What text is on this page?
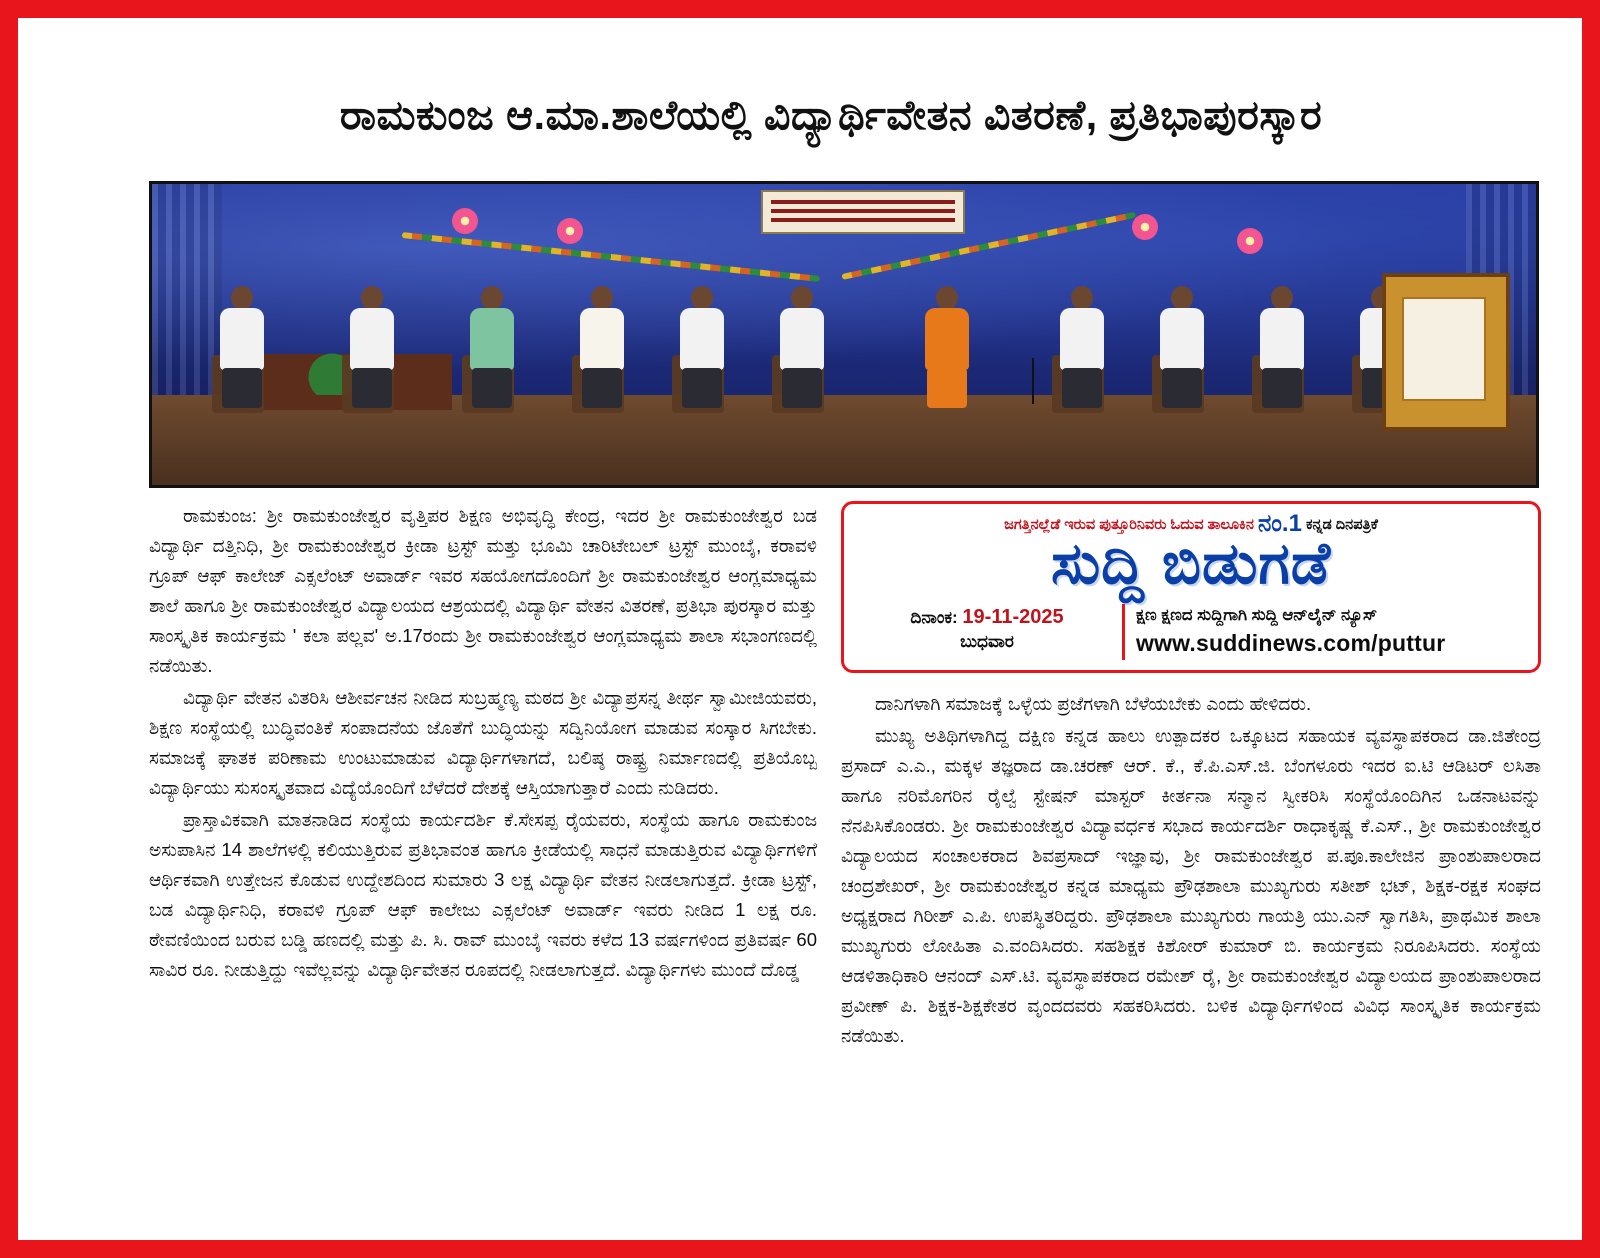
ರಾಮಕುಂಜ ಆ.ಮಾ.ಶಾಲೆಯಲ್ಲಿ ವಿದ್ಯಾರ್ಥಿವೇತನ ವಿತರಣೆ, ಪ್ರತಿಭಾಪುರಸ್ಕಾರ

ರಾಮಕುಂಜ: ಶ್ರೀ ರಾಮಕುಂಜೇಶ್ವರ ವೃತ್ತಿಪರ ಶಿಕ್ಷಣ ಅಭಿವೃದ್ಧಿ ಕೇಂದ್ರ, ಇದರ ಶ್ರೀ ರಾಮಕುಂಜೇಶ್ವರ ಬಡ ವಿದ್ಯಾರ್ಥಿ ದತ್ತಿನಿಧಿ, ಶ್ರೀ ರಾಮಕುಂಜೇಶ್ವರ ಕ್ರೀಡಾ ಟ್ರಸ್ಟ್ ಮತ್ತು ಭೂಮಿ ಚಾರಿಟೇಬಲ್ ಟ್ರಸ್ಟ್ ಮುಂಬೈ, ಕರಾವಳಿ ಗ್ರೂಪ್ ಆಫ್ ಕಾಲೇಜ್ ಎಕ್ಸಲೆಂಟ್ ಅವಾರ್ಡ್ ಇವರ ಸಹಯೋಗದೊಂದಿಗೆ ಶ್ರೀ ರಾಮಕುಂಜೇಶ್ವರ ಆಂಗ್ಲಮಾಧ್ಯಮ ಶಾಲೆ ಹಾಗೂ ಶ್ರೀ ರಾಮಕುಂಜೇಶ್ವರ ವಿದ್ಯಾಲಯದ ಆಶ್ರಯದಲ್ಲಿ ವಿದ್ಯಾರ್ಥಿ ವೇತನ ವಿತರಣೆ, ಪ್ರತಿಭಾ ಪುರಸ್ಕಾರ ಮತ್ತು ಸಾಂಸ್ಕೃತಿಕ ಕಾರ್ಯಕ್ರಮ ' ಕಲಾ ಪಲ್ಲವ' ಅ.17ರಂದು ಶ್ರೀ ರಾಮಕುಂಜೇಶ್ವರ ಆಂಗ್ಲಮಾಧ್ಯಮ ಶಾಲಾ ಸಭಾಂಗಣದಲ್ಲಿ ನಡೆಯಿತು.

ವಿದ್ಯಾರ್ಥಿ ವೇತನ ವಿತರಿಸಿ ಆಶೀರ್ವಚನ ನೀಡಿದ ಸುಬ್ರಹ್ಮಣ್ಯ ಮಠದ ಶ್ರೀ ವಿದ್ಯಾಪ್ರಸನ್ನ ತೀರ್ಥ ಸ್ವಾಮೀಜಿಯವರು, ಶಿಕ್ಷಣ ಸಂಸ್ಥೆಯಲ್ಲಿ ಬುದ್ಧಿವಂತಿಕೆ ಸಂಪಾದನೆಯ ಜೊತೆಗೆ ಬುದ್ಧಿಯನ್ನು ಸದ್ವಿನಿಯೋಗ ಮಾಡುವ ಸಂಸ್ಕಾರ ಸಿಗಬೇಕು. ಸಮಾಜಕ್ಕೆ ಘಾತಕ ಪರಿಣಾಮ ಉಂಟುಮಾಡುವ ವಿದ್ಯಾರ್ಥಿಗಳಾಗದೆ, ಬಲಿಷ್ಠ ರಾಷ್ಟ್ರ ನಿರ್ಮಾಣದಲ್ಲಿ ಪ್ರತಿಯೊಬ್ಬ ವಿದ್ಯಾರ್ಥಿಯು ಸುಸಂಸ್ಕೃತವಾದ ವಿದ್ಯೆಯೊಂದಿಗೆ ಬೆಳೆದರೆ ದೇಶಕ್ಕೆ ಆಸ್ತಿಯಾಗುತ್ತಾರೆ ಎಂದು ನುಡಿದರು.

ಪ್ರಾಸ್ತಾವಿಕವಾಗಿ ಮಾತನಾಡಿದ ಸಂಸ್ಥೆಯ ಕಾರ್ಯದರ್ಶಿ ಕೆ.ಸೇಸಪ್ಪ ರೈಯವರು, ಸಂಸ್ಥೆಯ ಹಾಗೂ ರಾಮಕುಂಜ ಅಸುಪಾಸಿನ 14 ಶಾಲೆಗಳಲ್ಲಿ ಕಲಿಯುತ್ತಿರುವ ಪ್ರತಿಭಾವಂತ ಹಾಗೂ ಕ್ರೀಡೆಯಲ್ಲಿ ಸಾಧನೆ ಮಾಡುತ್ತಿರುವ ವಿದ್ಯಾರ್ಥಿಗಳಿಗೆ ಆರ್ಥಿಕವಾಗಿ ಉತ್ತೇಜನ ಕೊಡುವ ಉದ್ದೇಶದಿಂದ ಸುಮಾರು 3 ಲಕ್ಷ ವಿದ್ಯಾರ್ಥಿ ವೇತನ ನೀಡಲಾಗುತ್ತದೆ. ಕ್ರೀಡಾ ಟ್ರಸ್ಟ್, ಬಡ ವಿದ್ಯಾರ್ಥಿನಿಧಿ, ಕರಾವಳಿ ಗ್ರೂಪ್ ಆಫ್ ಕಾಲೇಜು ಎಕ್ಸಲೆಂಟ್ ಅವಾರ್ಡ್ ಇವರು ನೀಡಿದ 1 ಲಕ್ಷ ರೂ. ಠೇವಣಿಯಿಂದ ಬರುವ ಬಡ್ಡಿ ಹಣದಲ್ಲಿ ಮತ್ತು ಪಿ. ಸಿ. ರಾವ್ ಮುಂಬೈ ಇವರು ಕಳೆದ 13 ವರ್ಷಗಳಿಂದ ಪ್ರತಿವರ್ಷ 60 ಸಾವಿರ ರೂ. ನೀಡುತ್ತಿದ್ದು ಇವೆಲ್ಲವನ್ನು ವಿದ್ಯಾರ್ಥಿವೇತನ ರೂಪದಲ್ಲಿ ನೀಡಲಾಗುತ್ತದೆ. ವಿದ್ಯಾರ್ಥಿಗಳು ಮುಂದೆ ದೊಡ್ಡ

ಜಗತ್ತಿನಲ್ಲೆಡೆ ಇರುವ ಪುತ್ತೂರಿನಿವರು ಓದುವ ತಾಲೂಕಿನ ನಂ.1 ಕನ್ನಡ ದಿನಪತ್ರಿಕೆ
ಸುದ್ದಿ ಬಿಡುಗಡೆ
ದಿನಾಂಕ: 19-11-2025
ಬುಧವಾರ
ಕ್ಷಣ ಕ್ಷಣದ ಸುದ್ದಿಗಾಗಿ ಸುದ್ದಿ ಆನ್‌ಲೈನ್ ನ್ಯೂಸ್
www.suddinews.com/puttur

ದಾನಿಗಳಾಗಿ ಸಮಾಜಕ್ಕೆ ಒಳ್ಳೆಯ ಪ್ರಜೆಗಳಾಗಿ ಬೆಳೆಯಬೇಕು ಎಂದು ಹೇಳಿದರು.

ಮುಖ್ಯ ಅತಿಥಿಗಳಾಗಿದ್ದ ದಕ್ಷಿಣ ಕನ್ನಡ ಹಾಲು ಉತ್ಪಾದಕರ ಒಕ್ಕೂಟದ ಸಹಾಯಕ ವ್ಯವಸ್ಥಾಪಕರಾದ ಡಾ.ಜಿತೇಂದ್ರ ಪ್ರಸಾದ್ ಎ.ಎ., ಮಕ್ಕಳ ತಜ್ಞರಾದ ಡಾ.ಚರಣ್ ಆರ್. ಕೆ., ಕೆ.ಪಿ.ಎಸ್.ಜಿ. ಬೆಂಗಳೂರು ಇದರ ಐ.ಟಿ ಆಡಿಟರ್ ಲಸಿತಾ ಹಾಗೂ ನರಿಮೊಗರಿನ ರೈಲ್ವೆ ಸ್ಟೇಷನ್ ಮಾಸ್ಟರ್ ಕೀರ್ತನಾ ಸನ್ಮಾನ ಸ್ವೀಕರಿಸಿ ಸಂಸ್ಥೆಯೊಂದಿಗಿನ ಒಡನಾಟವನ್ನು ನೆನಪಿಸಿಕೊಂಡರು. ಶ್ರೀ ರಾಮಕುಂಜೇಶ್ವರ ವಿದ್ಯಾವರ್ಧಕ ಸಭಾದ ಕಾರ್ಯದರ್ಶಿ ರಾಧಾಕೃಷ್ಣ ಕೆ.ಎಸ್., ಶ್ರೀ ರಾಮಕುಂಜೇಶ್ವರ ವಿದ್ಯಾಲಯದ ಸಂಚಾಲಕರಾದ ಶಿವಪ್ರಸಾದ್ ಇಜ್ಞಾವು, ಶ್ರೀ ರಾಮಕುಂಜೇಶ್ವರ ಪ.ಪೂ.ಕಾಲೇಜಿನ ಪ್ರಾಂಶುಪಾಲರಾದ ಚಂದ್ರಶೇಖರ್, ಶ್ರೀ ರಾಮಕುಂಜೇಶ್ವರ ಕನ್ನಡ ಮಾಧ್ಯಮ ಪ್ರೌಢಶಾಲಾ ಮುಖ್ಯಗುರು ಸತೀಶ್ ಭಟ್, ಶಿಕ್ಷಕ-ರಕ್ಷಕ ಸಂಘದ ಅಧ್ಯಕ್ಷರಾದ ಗಿರೀಶ್ ಎ.ಪಿ. ಉಪಸ್ಥಿತರಿದ್ದರು. ಪ್ರೌಢಶಾಲಾ ಮುಖ್ಯಗುರು ಗಾಯತ್ರಿ ಯು.ಎನ್ ಸ್ವಾಗತಿಸಿ, ಪ್ರಾಥಮಿಕ ಶಾಲಾ ಮುಖ್ಯಗುರು ಲೋಹಿತಾ ಎ.ವಂದಿಸಿದರು. ಸಹಶಿಕ್ಷಕ ಕಿಶೋರ್ ಕುಮಾರ್ ಬಿ. ಕಾರ್ಯಕ್ರಮ ನಿರೂಪಿಸಿದರು. ಸಂಸ್ಥೆಯ ಆಡಳಿತಾಧಿಕಾರಿ ಆನಂದ್ ಎಸ್.ಟಿ. ವ್ಯವಸ್ಥಾಪಕರಾದ ರಮೇಶ್ ರೈ, ಶ್ರೀ ರಾಮಕುಂಜೇಶ್ವರ ವಿದ್ಯಾಲಯದ ಪ್ರಾಂಶುಪಾಲರಾದ ಪ್ರವೀಣ್ ಪಿ. ಶಿಕ್ಷಕ-ಶಿಕ್ಷಕೇತರ ವೃಂದದವರು ಸಹಕರಿಸಿದರು. ಬಳಿಕ ವಿದ್ಯಾರ್ಥಿಗಳಿಂದ ವಿವಿಧ ಸಾಂಸ್ಕೃತಿಕ ಕಾರ್ಯಕ್ರಮ ನಡೆಯಿತು.
